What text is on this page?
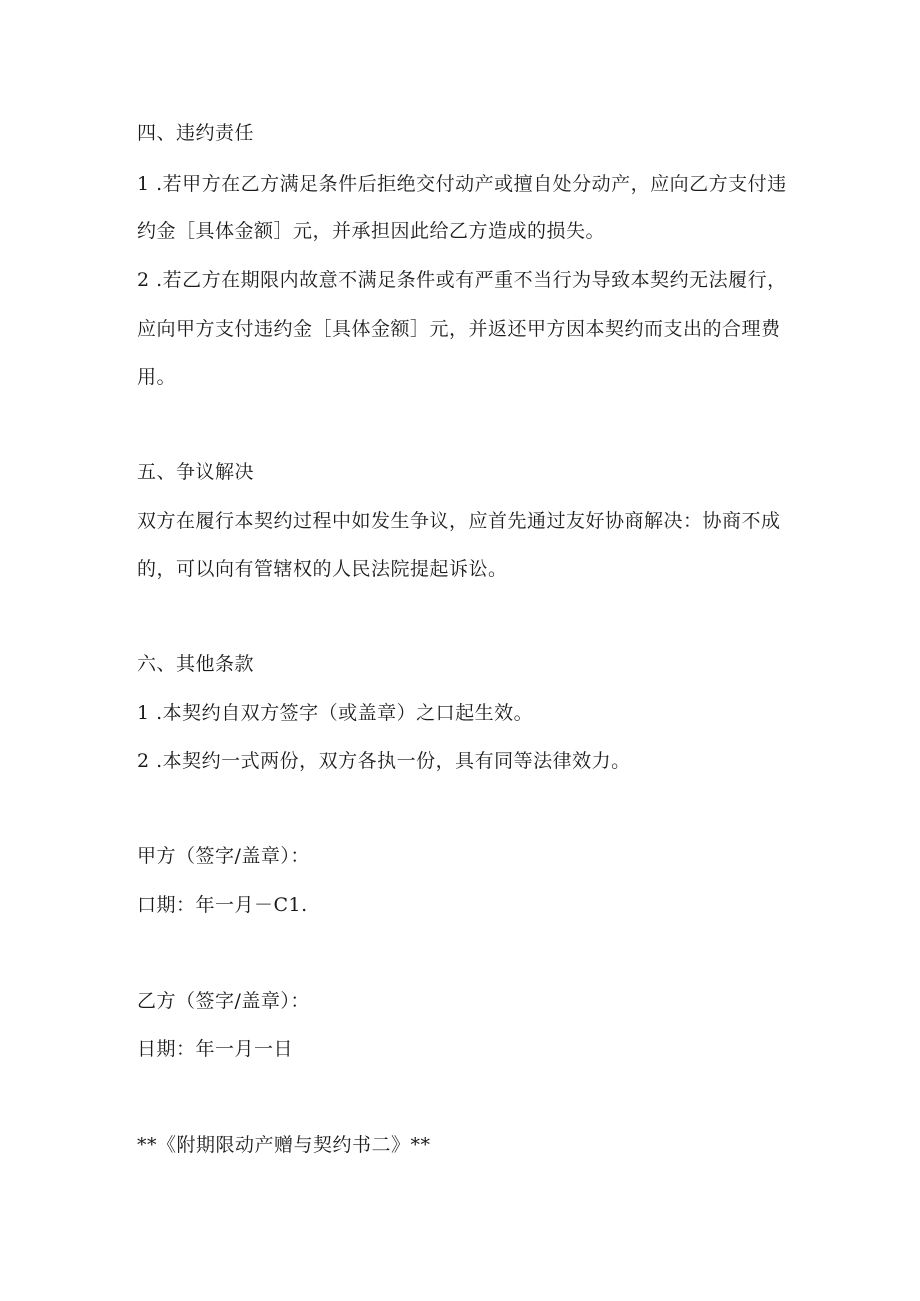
四、违约责任
1 .若甲方在乙方满足条件后拒绝交付动产或擅自处分动产，应向乙方支付违
约金［具体金额］元，并承担因此给乙方造成的损失。
2 .若乙方在期限内故意不满足条件或有严重不当行为导致本契约无法履行，
应向甲方支付违约金［具体金额］元，并返还甲方因本契约而支出的合理费
用。
五、争议解决
双方在履行本契约过程中如发生争议，应首先通过友好协商解决：协商不成
的，可以向有管辖权的人民法院提起诉讼。
六、其他条款
1 .本契约自双方签字（或盖章）之口起生效。
2 .本契约一式两份，双方各执一份，具有同等法律效力。
甲方（签字/盖章）：
口期：年一月－C1.
乙方（签字/盖章）：
日期：年一月一日
**《附期限动产赠与契约书二》**
